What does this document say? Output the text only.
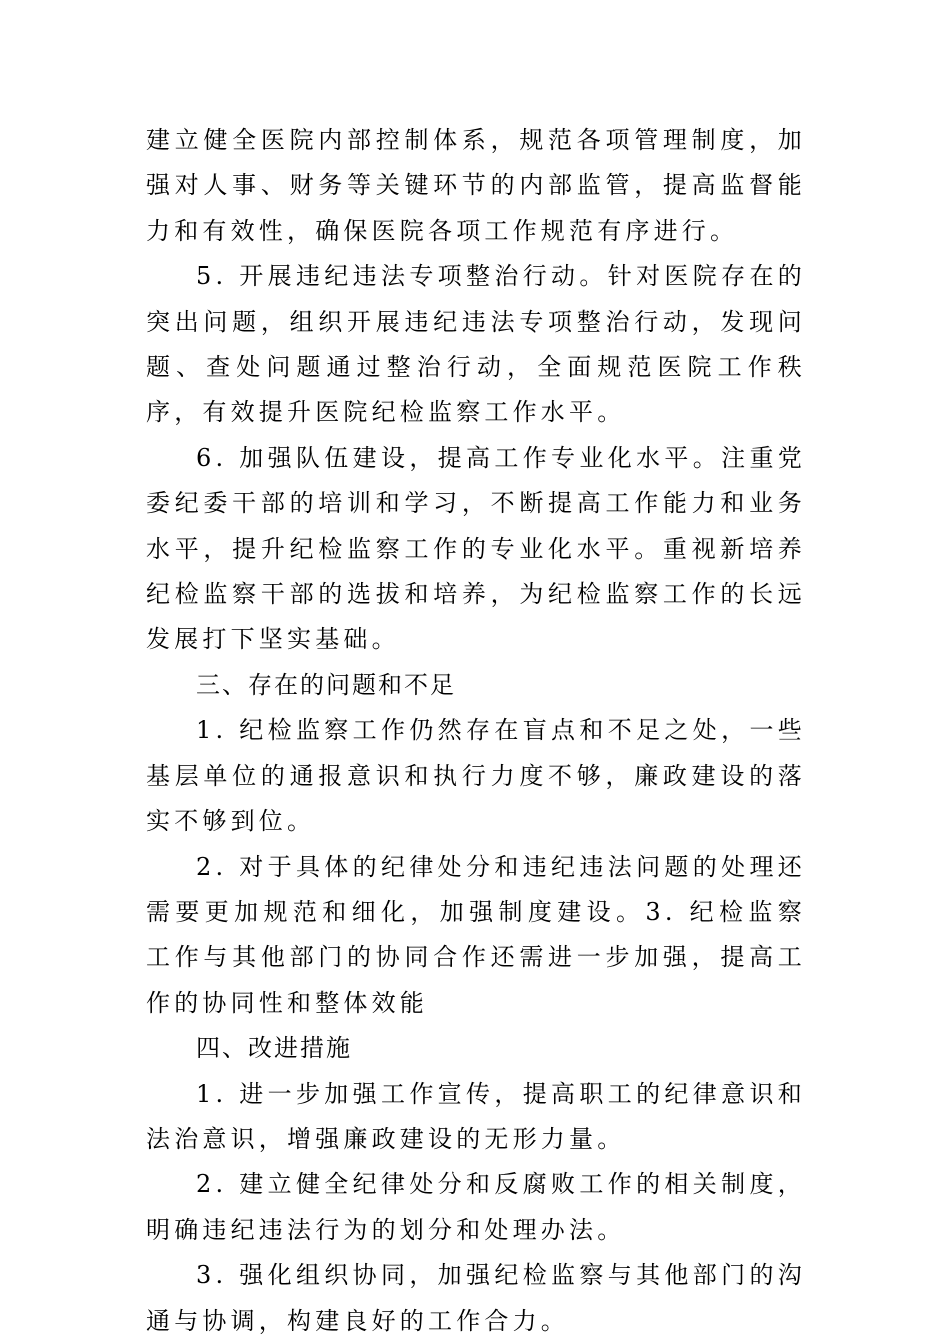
建立健全医院内部控制体系，规范各项管理制度，加强对人事、财务等关键环节的内部监管，提高监督能力和有效性，确保医院各项工作规范有序进行。

5. 开展违纪违法专项整治行动。针对医院存在的突出问题，组织开展违纪违法专项整治行动，发现问题、查处问题通过整治行动，全面规范医院工作秩序，有效提升医院纪检监察工作水平。

6. 加强队伍建设，提高工作专业化水平。注重党委纪委干部的培训和学习，不断提高工作能力和业务水平，提升纪检监察工作的专业化水平。重视新培养纪检监察干部的选拔和培养，为纪检监察工作的长远发展打下坚实基础。

三、存在的问题和不足

1. 纪检监察工作仍然存在盲点和不足之处，一些基层单位的通报意识和执行力度不够，廉政建设的落实不够到位。

2. 对于具体的纪律处分和违纪违法问题的处理还需要更加规范和细化，加强制度建设。3. 纪检监察工作与其他部门的协同合作还需进一步加强，提高工作的协同性和整体效能

四、改进措施

1. 进一步加强工作宣传，提高职工的纪律意识和法治意识，增强廉政建设的无形力量。

2. 建立健全纪律处分和反腐败工作的相关制度，明确违纪违法行为的划分和处理办法。

3. 强化组织协同，加强纪检监察与其他部门的沟通与协调，构建良好的工作合力。
